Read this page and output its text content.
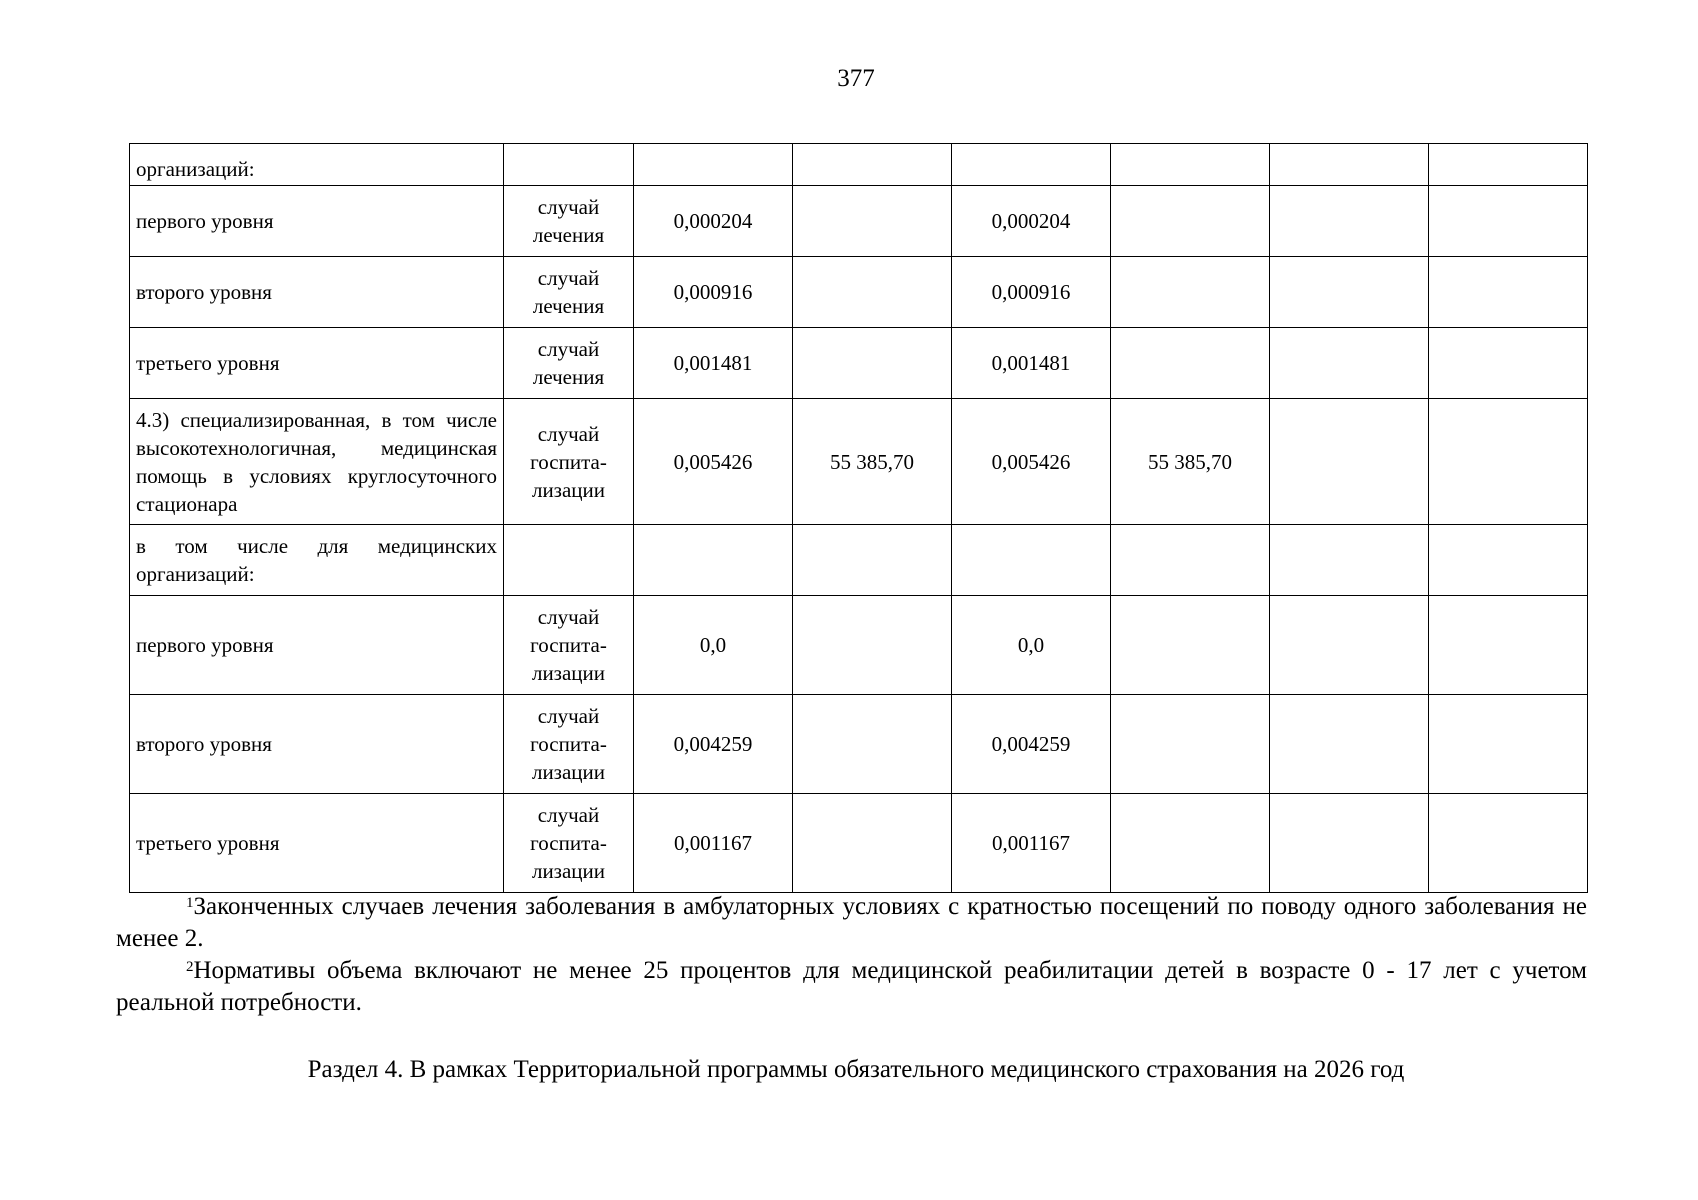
377
организаций:							
первого уровня	случай лечения	0,000204		0,000204			
второго уровня	случай лечения	0,000916		0,000916			
третьего уровня	случай лечения	0,001481		0,001481			
4.3) специализированная, в том числе высокотехнологичная, медицинская помощь в условиях круглосуточного стационара	случай госпита- лизации	0,005426	55 385,70	0,005426	55 385,70		
в том числе для медицинских организаций:							
первого уровня	случай госпита- лизации	0,0		0,0			
второго уровня	случай госпита- лизации	0,004259		0,004259			
третьего уровня	случай госпита- лизации	0,001167		0,001167			

$^1$Законченных случаев лечения заболевания в амбулаторных условиях с кратностью посещений по поводу одного заболевания не менее 2.

$^2$Нормативы объема включают не менее 25 процентов для медицинской реабилитации детей в возрасте 0 - 17 лет с учетом реальной потребности.

Раздел 4. В рамках Территориальной программы обязательного медицинского страхования на 2026 год
